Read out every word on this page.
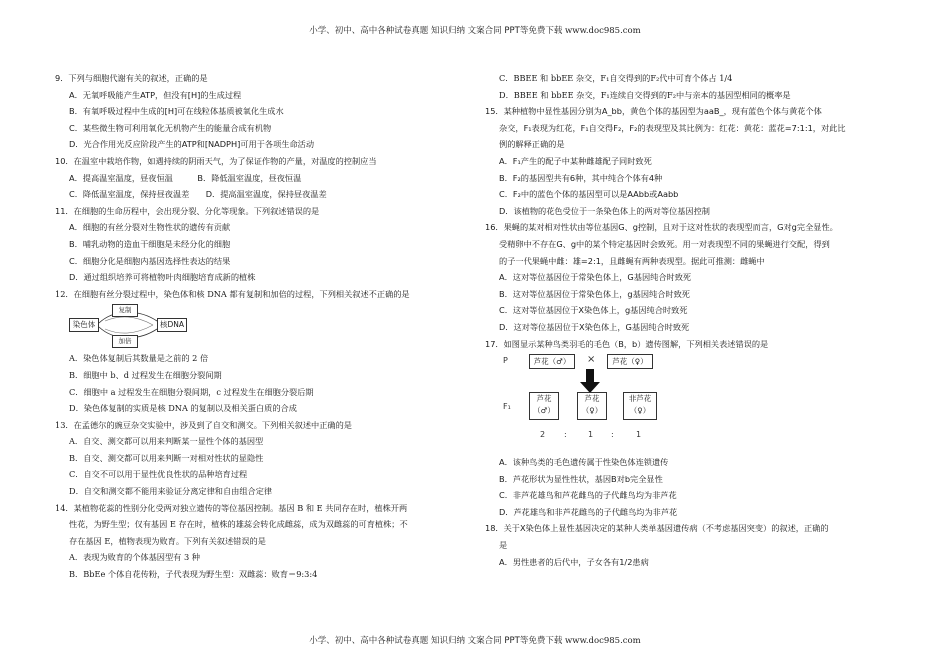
小学、初中、高中各种试卷真题 知识归纳 文案合同 PPT等免费下载 www.doc985.com
9．下列与细胞代谢有关的叙述，正确的是
A．无氧呼吸能产生ATP，但没有[H]的生成过程
B．有氧呼吸过程中生成的[H]可在线粒体基质被氧化生成水
C．某些微生物可利用氧化无机物产生的能量合成有机物
D．光合作用光反应阶段产生的ATP和[NADPH]可用于各项生命活动
10．在温室中栽培作物，如遇持续的阴雨天气，为了保证作物的产量，对温度的控制应当
A．提高温室温度，昼夜恒温　　　B．降低温室温度，昼夜恒温
C．降低温室温度，保持昼夜温差　　D．提高温室温度，保持昼夜温差
11．在细胞的生命历程中，会出现分裂、分化等现象。下列叙述错误的是
A．细胞的有丝分裂对生物性状的遗传有贡献
B．哺乳动物的造血干细胞是未经分化的细胞
C．细胞分化是细胞内基因选择性表达的结果
D．通过组织培养可将植物叶肉细胞培育成新的植株
12．在细胞有丝分裂过程中，染色体和核 DNA 都有复制和加倍的过程，下列相关叙述不正确的是
染色体
复制
加倍
核DNA
A．染色体复制后其数量是之前的 2 倍
B．细胞中 b、d 过程发生在细胞分裂间期
C．细胞中 a 过程发生在细胞分裂间期，c 过程发生在细胞分裂后期
D．染色体复制的实质是核 DNA 的复制以及相关蛋白质的合成
13．在孟德尔的豌豆杂交实验中，涉及到了自交和测交。下列相关叙述中正确的是
A．自交、测交都可以用来判断某一显性个体的基因型
B．自交、测交都可以用来判断一对相对性状的显隐性
C．自交不可以用于显性优良性状的品种培育过程
D．自交和测交都不能用来验证分离定律和自由组合定律
14．某植物花蕊的性别分化受两对独立遗传的等位基因控制。基因 B 和 E 共同存在时，植株开两
性花，为野生型；仅有基因 E 存在时，植株的雄蕊会转化成雌蕊，成为双雌蕊的可育植株；不
存在基因 E，植物表现为败育。下列有关叙述错误的是
A．表现为败育的个体基因型有 3 种
B．BbEe 个体自花传粉，子代表现为野生型：双雌蕊：败育＝9:3:4
C．BBEE 和 bbEE 杂交，F₁自交得到的F₂代中可育个体占 1/4
D．BBEE 和 bbEE 杂交，F₁连续自交得到的F₂中与亲本的基因型相同的概率是
15．某种植物中显性基因分别为A_bb，黄色个体的基因型为aaB_，现有蓝色个体与黄花个体
杂交，F₁表现为红花，F₁自交得F₂，F₂的表现型及其比例为：红花：黄花：蓝花=7:1:1，对此比
例的解释正确的是
A．F₁产生的配子中某种雌雄配子同时致死
B．F₂的基因型共有6种，其中纯合个体有4种
C．F₂中的蓝色个体的基因型可以是AAbb或Aabb
D．该植物的花色受位于一条染色体上的两对等位基因控制
16．果蝇的某对相对性状由等位基因G、g控制，且对于这对性状的表现型而言，G对g完全显性。
受精卵中不存在G、g中的某个特定基因时会致死。用一对表现型不同的果蝇进行交配，得到
的子一代果蝇中雌：雄=2:1，且雌蝇有两种表现型。据此可推测：雌蝇中
A．这对等位基因位于常染色体上，G基因纯合时致死
B．这对等位基因位于常染色体上，g基因纯合时致死
C．这对等位基因位于X染色体上，g基因纯合时致死
D．这对等位基因位于X染色体上，G基因纯合时致死
17．如图显示某种鸟类羽毛的毛色（B，b）遗传图解，下列相关表述错误的是
P	芦花（♂）	×	芦花（♀）
F₁
芦花
（♂）
芦花
（♀）
非芦花
（♀）
2 :	1 :	1
A．该种鸟类的毛色遗传属于性染色体连锁遗传
B．芦花形状为显性性状，基因B对b完全显性
C．非芦花雄鸟和芦花雌鸟的子代雌鸟均为非芦花
D．芦花雄鸟和非芦花雌鸟的子代雌鸟均为非芦花
18．关于X染色体上显性基因决定的某种人类单基因遗传病（不考虑基因突变）的叙述，正确的
是
A．男性患者的后代中，子女各有1/2患病
小学、初中、高中各种试卷真题 知识归纳 文案合同 PPT等免费下载 www.doc985.com
